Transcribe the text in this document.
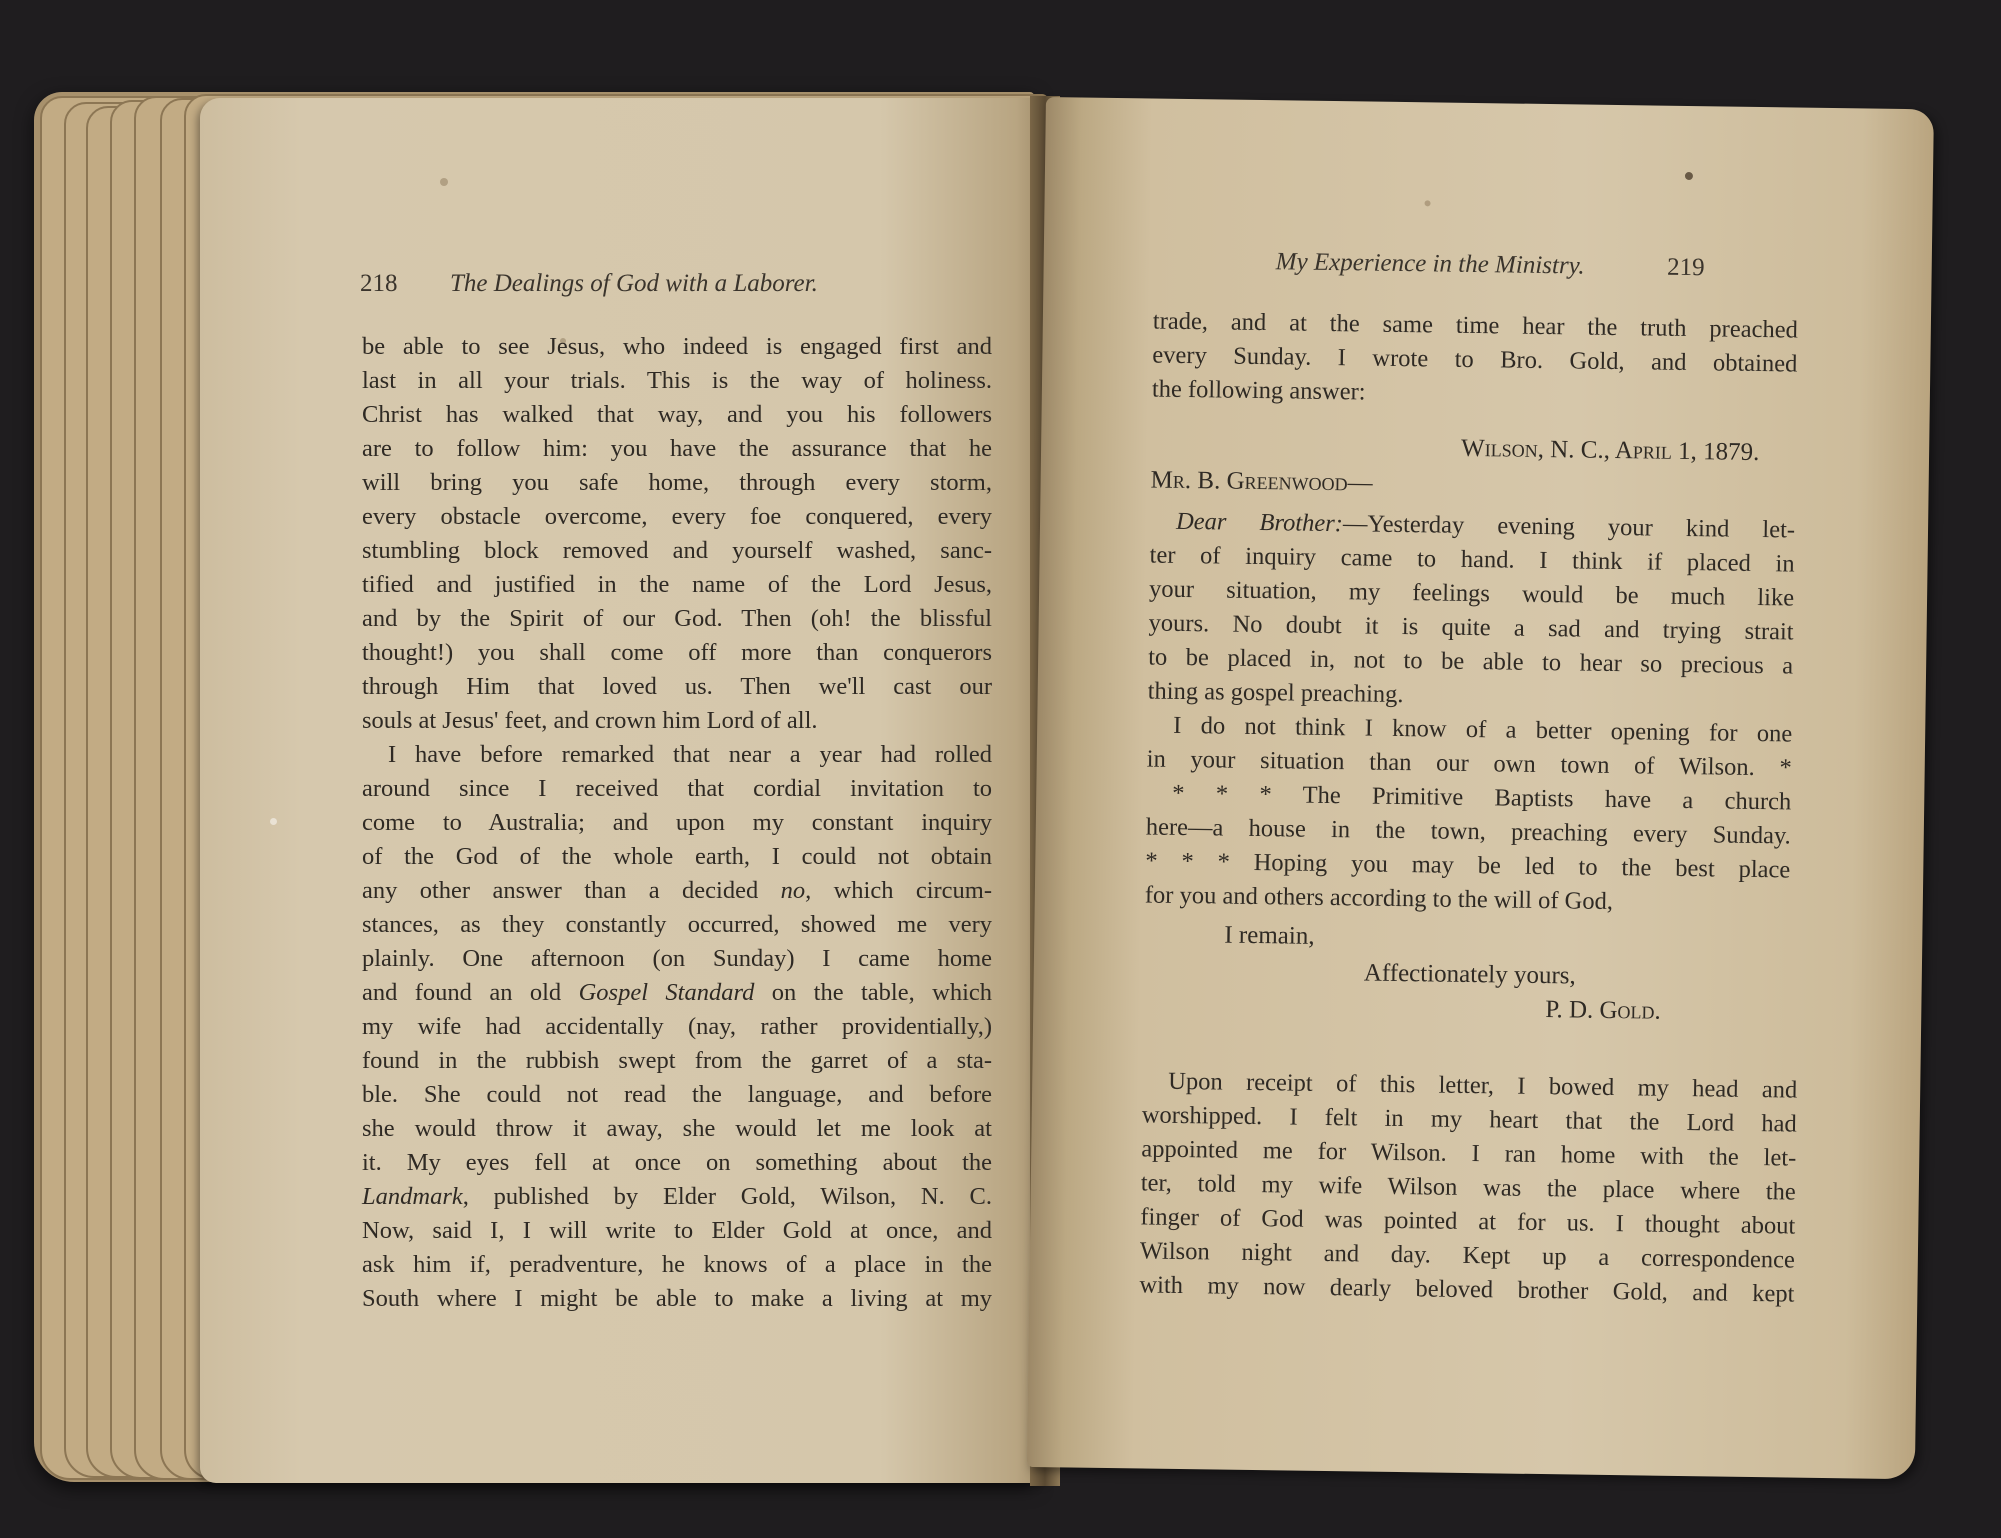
218 The Dealings of God with a Laborer.
be able to see Jesus, who indeed is engaged first and
last in all your trials. This is the way of holiness.
Christ has walked that way, and you his followers
are to follow him: you have the assurance that he
will bring you safe home, through every storm,
every obstacle overcome, every foe conquered, every
stumbling block removed and yourself washed, sanc-
tified and justified in the name of the Lord Jesus,
and by the Spirit of our God. Then (oh! the blissful
thought!) you shall come off more than conquerors
through Him that loved us. Then we'll cast our
souls at Jesus' feet, and crown him Lord of all.
I have before remarked that near a year had rolled
around since I received that cordial invitation to
come to Australia; and upon my constant inquiry
of the God of the whole earth, I could not obtain
any other answer than a decided no, which circum-
stances, as they constantly occurred, showed me very
plainly. One afternoon (on Sunday) I came home
and found an old Gospel Standard on the table, which
my wife had accidentally (nay, rather providentially,)
found in the rubbish swept from the garret of a sta-
ble. She could not read the language, and before
she would throw it away, she would let me look at
it. My eyes fell at once on something about the
Landmark, published by Elder Gold, Wilson, N. C.
Now, said I, I will write to Elder Gold at once, and
ask him if, peradventure, he knows of a place in the
South where I might be able to make a living at my
My Experience in the Ministry.	219
trade, and at the same time hear the truth preached
every Sunday. I wrote to Bro. Gold, and obtained
the following answer:
Wilson, N. C., April 1, 1879.
Mr. B. Greenwood—
Dear Brother:—Yesterday evening your kind let-
ter of inquiry came to hand. I think if placed in
your situation, my feelings would be much like
yours. No doubt it is quite a sad and trying strait
to be placed in, not to be able to hear so precious a
thing as gospel preaching.
I do not think I know of a better opening for one
in your situation than our own town of Wilson. *
* * * The Primitive Baptists have a church
here—a house in the town, preaching every Sunday.
* * * Hoping you may be led to the best place
for you and others according to the will of God,
I remain,
Affectionately yours,
P. D. Gold.
Upon receipt of this letter, I bowed my head and
worshipped. I felt in my heart that the Lord had
appointed me for Wilson. I ran home with the let-
ter, told my wife Wilson was the place where the
finger of God was pointed at for us. I thought about
Wilson night and day. Kept up a correspondence
with my now dearly beloved brother Gold, and kept
